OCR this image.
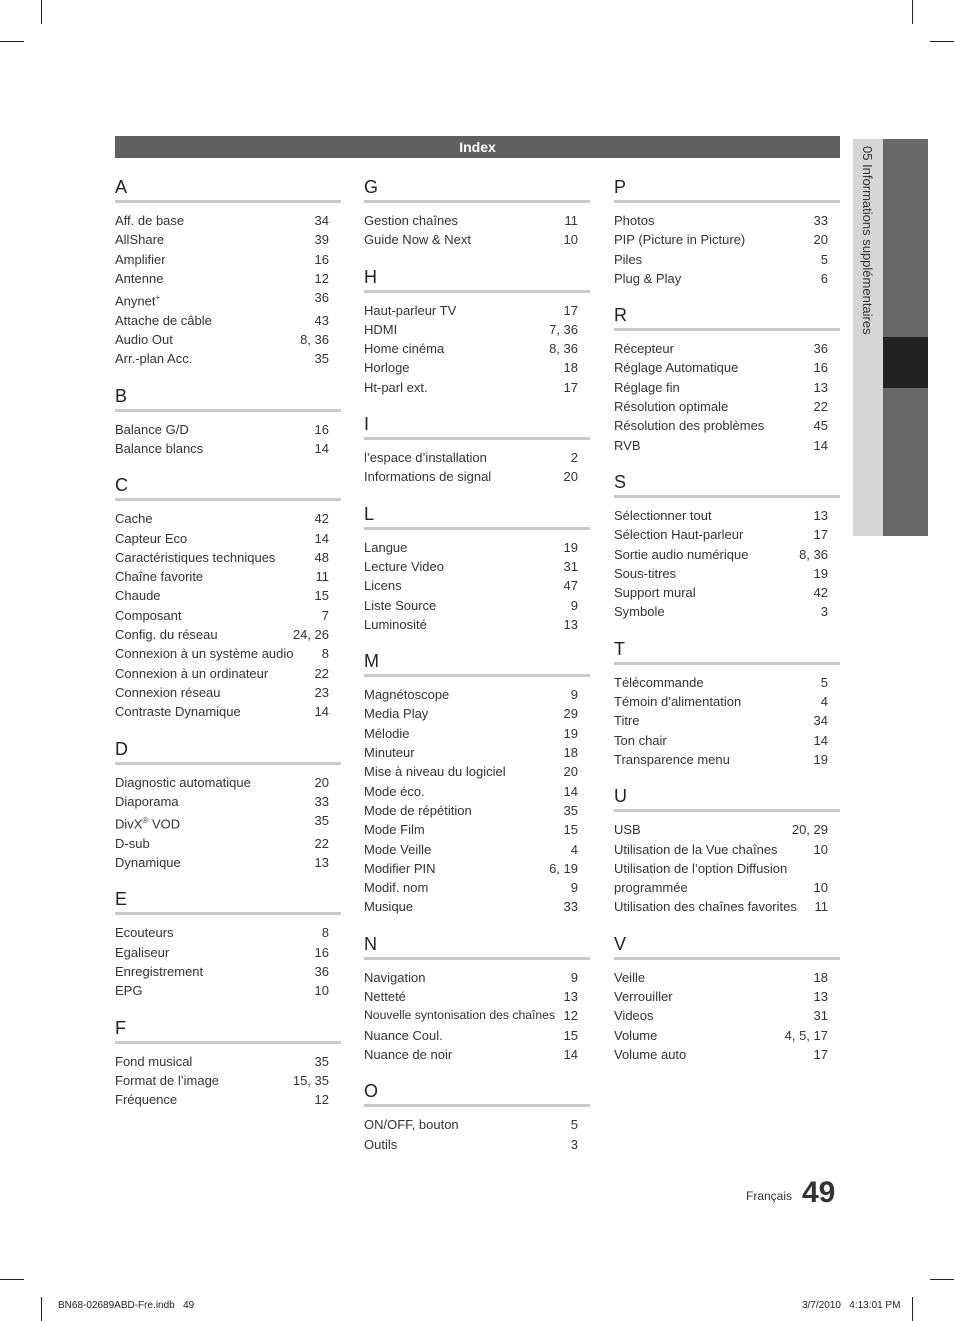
Index
A
Aff. de base	34
AllShare	39
Amplifier	16
Antenne	12
Anynet+	36
Attache de câble	43
Audio Out	8, 36
Arr.-plan Acc.	35
B
Balance G/D	16
Balance blancs	14
C
Cache	42
Capteur Eco	14
Caractéristiques techniques	48
Chaîne favorite	11
Chaude	15
Composant	7
Config. du réseau	24, 26
Connexion à un système audio	8
Connexion à un ordinateur	22
Connexion réseau	23
Contraste Dynamique	14
D
Diagnostic automatique	20
Diaporama	33
DivX® VOD	35
D-sub	22
Dynamique	13
E
Ecouteurs	8
Egaliseur	16
Enregistrement	36
EPG	10
F
Fond musical	35
Format de l’image	15, 35
Fréquence	12
G
Gestion chaînes	11
Guide Now & Next	10
H
Haut-parleur TV	17
HDMI	7, 36
Home cinéma	8, 36
Horloge	18
Ht-parl ext.	17
I
l’espace d’installation	2
Informations de signal	20
L
Langue	19
Lecture Video	31
Licens	47
Liste Source	9
Luminosité	13
M
Magnétoscope	9
Media Play	29
Mélodie	19
Minuteur	18
Mise à niveau du logiciel	20
Mode éco.	14
Mode de répétition	35
Mode Film	15
Mode Veille	4
Modifier PIN	6, 19
Modif. nom	9
Musique	33
N
Navigation	9
Netteté	13
Nouvelle syntonisation des chaînes 12
Nuance Coul.	15
Nuance de noir	14
O
ON/OFF, bouton	5
Outils	3
P
Photos	33
PIP (Picture in Picture)	20
Piles	5
Plug & Play	6
R
Récepteur	36
Réglage Automatique	16
Réglage fin	13
Résolution optimale	22
Résolution des problèmes	45
RVB	14
S
Sélectionner tout	13
Sélection Haut-parleur	17
Sortie audio numérique	8, 36
Sous-titres	19
Support mural	42
Symbole	3
T
Télécommande	5
Témoin d’alimentation	4
Titre	34
Ton chair	14
Transparence menu	19
U
USB	20, 29
Utilisation de la Vue chaînes	10
Utilisation de l’option Diffusion programmée	10
Utilisation des chaînes favorites	11
V
Veille	18
Verrouiller	13
Videos	31
Volume	4, 5, 17
Volume auto	17
05 Informations supplémentaires
Français 49
BN68-02689ABD-Fre.indb   49	3/7/2010   4:13:01 PM
